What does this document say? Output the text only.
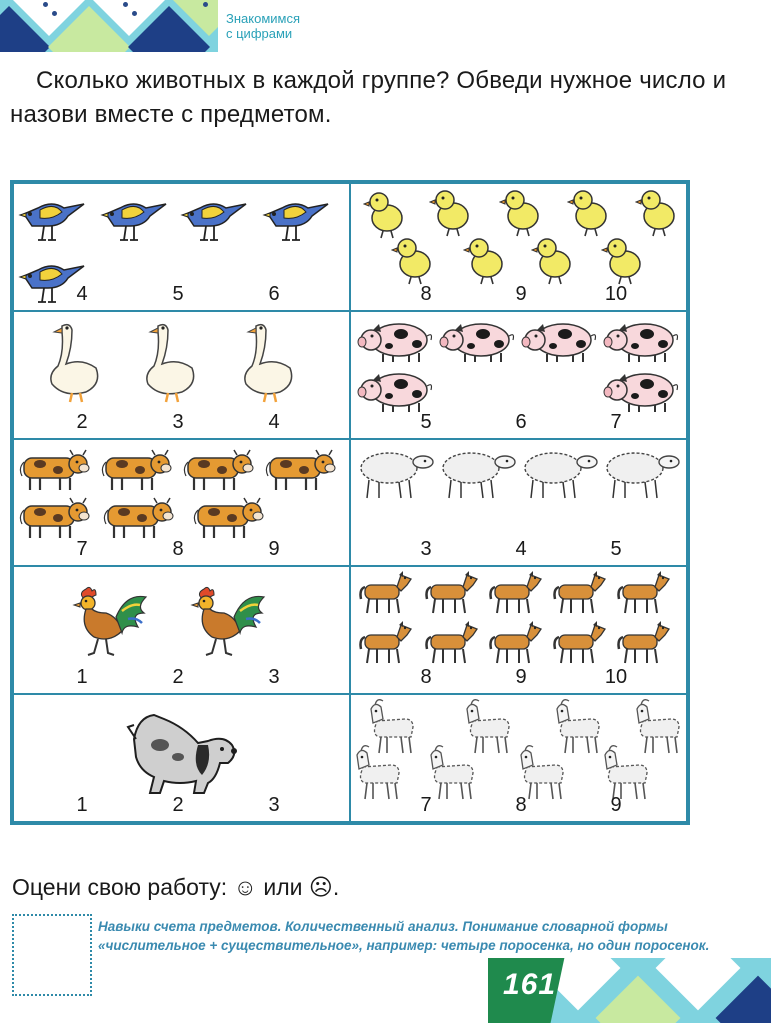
Знакомимся
с цифрами
Сколько животных в каждой группе? Обведи нужное число и назови вместе с предметом.
4	5	6	8	9	10
2	3	4	5	6	7
7	8	9	3	4	5
1	2	3	8	9	10
1	2	3	7	8	9
Оцени свою работу: ☺ или ☹.
Навыки счета предметов. Количественный анализ. Понимание словарной формы «числительное + существительное», например: четыре поросенка, но один поросенок.
161
